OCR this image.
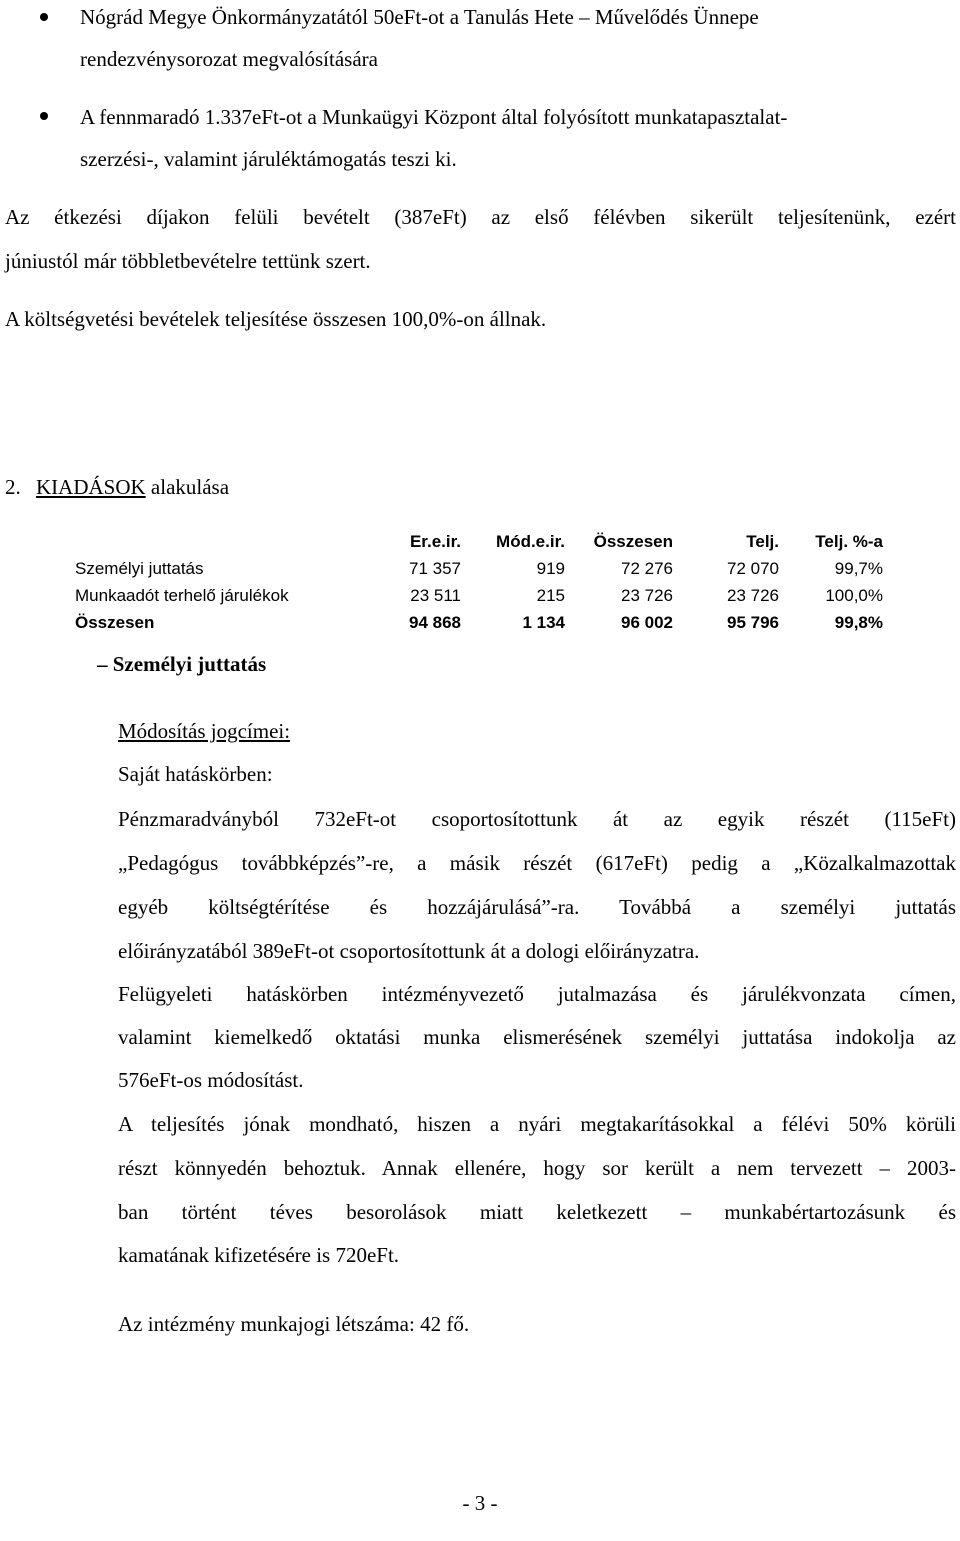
Nógrád Megye Önkormányzatától 50eFt-ot a Tanulás Hete – Művelődés Ünnepe
rendezvénysorozat megvalósítására
A fennmaradó 1.337eFt-ot a Munkaügyi Központ által folyósított munkatapasztalat-
szerzési-, valamint járuléktámogatás teszi ki.
Az étkezési díjakon felüli bevételt (387eFt) az első félévben sikerült teljesítenünk, ezért
júniustól már többletbevételre tettünk szert.
A költségvetési bevételek teljesítése összesen 100,0%-on állnak.
2. KIADÁSOK alakulása
	Er.e.ir.	Mód.e.ir.	Összesen	Telj.	Telj. %-a
Személyi juttatás	71 357	919	72 276	72 070	99,7%
Munkaadót terhelő járulékok	23 511	215	23 726	23 726	100,0%
Összesen	94 868	1 134	96 002	95 796	99,8%
– Személyi juttatás
Módosítás jogcímei:
Saját hatáskörben:
Pénzmaradványból 732eFt-ot csoportosítottunk át az egyik részét (115eFt)
„Pedagógus továbbképzés”-re, a másik részét (617eFt) pedig a „Közalkalmazottak
egyéb költségtérítése és hozzájárulásá”-ra. Továbbá a személyi juttatás
előirányzatából 389eFt-ot csoportosítottunk át a dologi előirányzatra.
Felügyeleti hatáskörben intézményvezető jutalmazása és járulékvonzata címen,
valamint kiemelkedő oktatási munka elismerésének személyi juttatása indokolja az
576eFt-os módosítást.
A teljesítés jónak mondható, hiszen a nyári megtakarításokkal a félévi 50% körüli
részt könnyedén behoztuk. Annak ellenére, hogy sor került a nem tervezett – 2003-
ban történt téves besorolások miatt keletkezett – munkabértartozásunk és
kamatának kifizetésére is 720eFt.
Az intézmény munkajogi létszáma: 42 fő.
- 3 -
